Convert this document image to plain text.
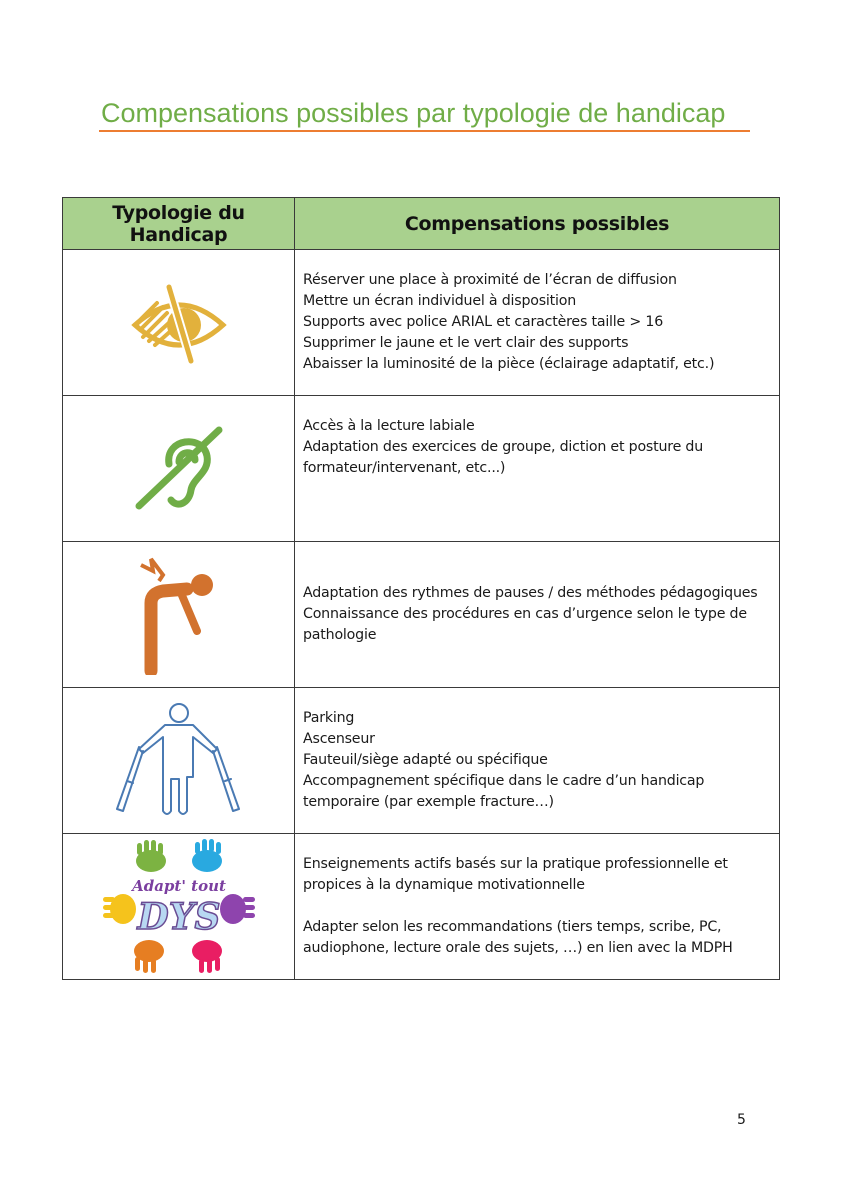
Compensations possibles par typologie de handicap
Typologie du Handicap	Compensations possibles

Réserver une place à proximité de l’écran de diffusion
Mettre un écran individuel à disposition
Supports avec police ARIAL et caractères taille > 16
Supprimer le jaune et le vert clair des supports
Abaisser la luminosité de la pièce (éclairage adaptatif, etc.)

Accès à la lecture labiale
Adaptation des exercices de groupe, diction et posture du
formateur/intervenant, etc...)

Adaptation des rythmes de pauses / des méthodes pédagogiques
Connaissance des procédures en cas d’urgence selon le type de
pathologie

Parking
Ascenseur
Fauteuil/siège adapté ou spécifique
Accompagnement spécifique dans le cadre d’un handicap
temporaire (par exemple fracture…)

Adapt' tout
DYS	Enseignements actifs basés sur la pratique professionnelle et
propices à la dynamique motivationnelle
Adapter selon les recommandations (tiers temps, scribe, PC,
audiophone, lecture orale des sujets, …) en lien avec la MDPH
5
